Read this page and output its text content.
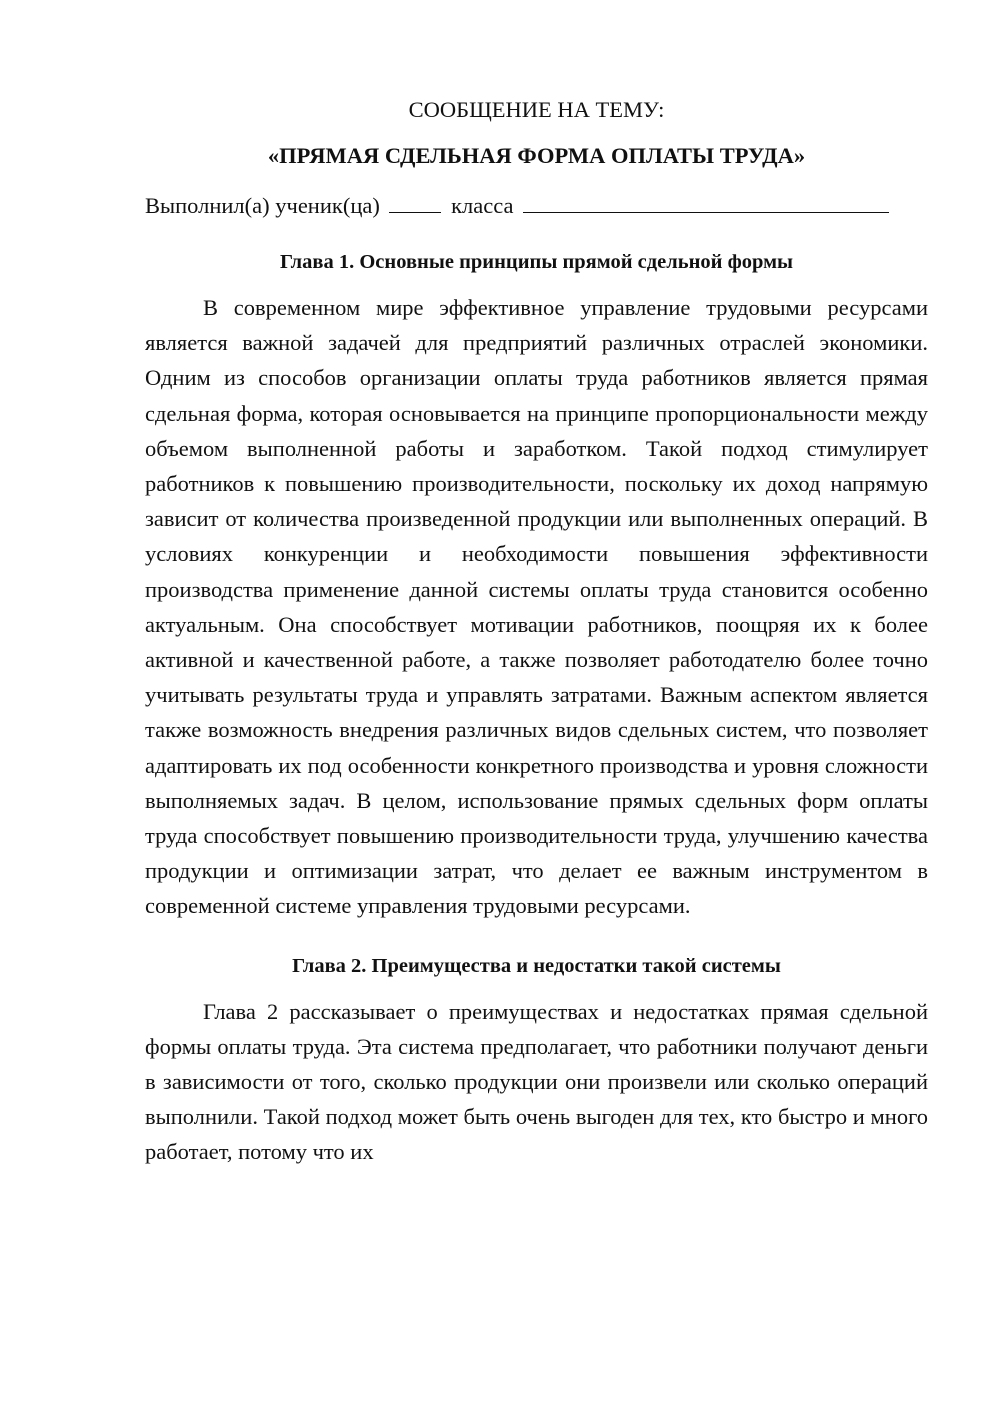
СООБЩЕНИЕ НА ТЕМУ:

«ПРЯМАЯ СДЕЛЬНАЯ ФОРМА ОПЛАТЫ ТРУДА»

Выполнил(а) ученик(ца)	класса

Глава 1. Основные принципы прямой сдельной формы

В современном мире эффективное управление трудовыми ресурсами является важной задачей для предприятий различных отраслей экономики. Одним из способов организации оплаты труда работников является прямая сдельная форма, которая основывается на принципе пропорциональности между объемом выполненной работы и заработком. Такой подход стимулирует работников к повышению производительности, поскольку их доход напрямую зависит от количества произведенной продукции или выполненных операций. В условиях конкуренции и необходимости повышения эффективности производства применение данной системы оплаты труда становится особенно актуальным. Она способствует мотивации работников, поощряя их к более активной и качественной работе, а также позволяет работодателю более точно учитывать результаты труда и управлять затратами. Важным аспектом является также возможность внедрения различных видов сдельных систем, что позволяет адаптировать их под особенности конкретного производства и уровня сложности выполняемых задач. В целом, использование прямых сдельных форм оплаты труда способствует повышению производительности труда, улучшению качества продукции и оптимизации затрат, что делает ее важным инструментом в современной системе управления трудовыми ресурсами.

Глава 2. Преимущества и недостатки такой системы

Глава 2 рассказывает о преимуществах и недостатках прямая сдельной формы оплаты труда. Эта система предполагает, что работники получают деньги в зависимости от того, сколько продукции они произвели или сколько операций выполнили. Такой подход может быть очень выгоден для тех, кто быстро и много работает, потому что их
